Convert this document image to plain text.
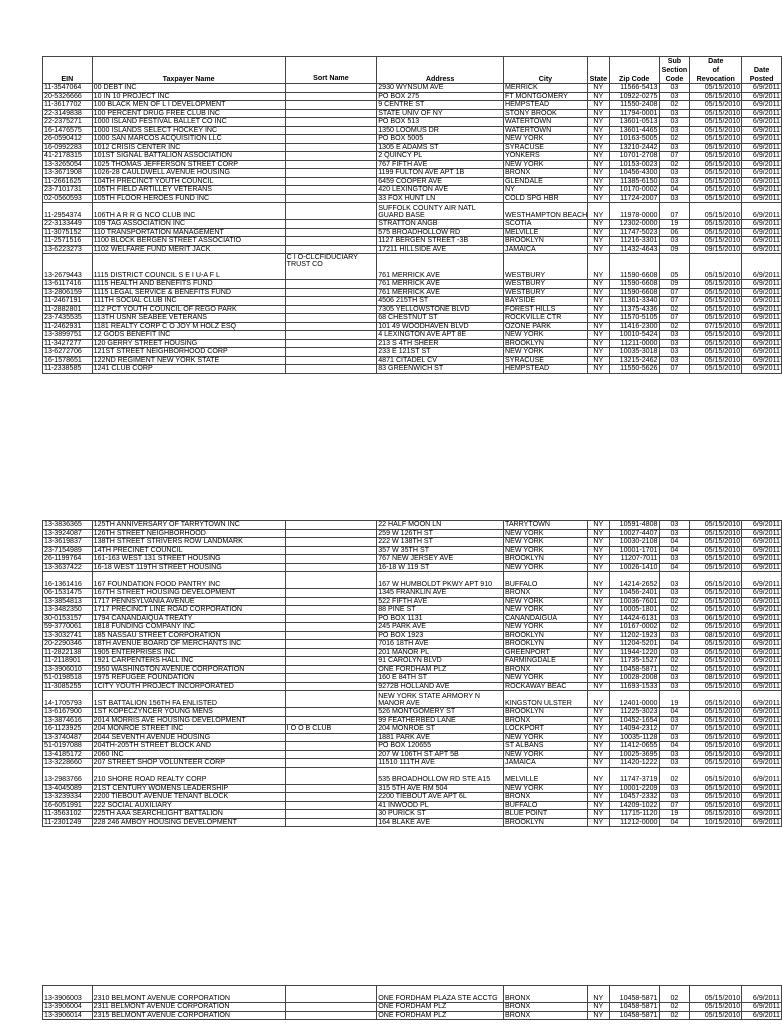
							Sub	Date	
							Section	of	Date
EIN	Taxpayer Name	Sort Name	Address	City	State	Zip Code	Code	Revocation	Posted
11-3547064	00 DEBT INC		2930 WYNSUM AVE	MERRICK	NY	11566-5413	03	05/15/2010	6/9/2011
20-5326666	10 IN 10 PROJECT INC		PO BOX 275	FT MONTGOMERY	NY	10922-0275	03	05/15/2010	6/9/2011
11-3617702	100 BLACK MEN OF L I DEVELOPMENT		9 CENTRE ST	HEMPSTEAD	NY	11550-2408	02	05/15/2010	6/9/2011
22-3149838	100 PERCENT DRUG FREE CLUB INC		STATE UNIV OF NY	STONY BROOK	NY	11794-0001	03	05/15/2010	6/9/2011
22-2375271	1000 ISLAND FESTIVAL BALLET CO INC		PO BOX 513	WATERTOWN	NY	13601-0513	03	05/15/2010	6/9/2011
16-1476575	1000 ISLANDS SELECT HOCKEY INC		1350 LOOMUS DR	WATERTOWN	NY	13601-4465	03	05/15/2010	6/9/2011
26-0590412	1000 SAN MARCOS ACQUISITION LLC		PO BOX 5005	NEW YORK	NY	10163-5005	02	05/15/2010	6/9/2011
16-0992283	1012 CRISIS CENTER INC		1305 E ADAMS ST	SYRACUSE	NY	13210-2442	03	05/15/2010	6/9/2011
41-2178315	101ST SIGNAL BATTALION ASSOCIATION		2 QUINCY PL	YONKERS	NY	10701-2708	07	05/15/2010	6/9/2011
13-3265054	1025 THOMAS JEFFERSON STREET CORP		767 FIFTH AVE	NEW YORK	NY	10153-0023	02	05/15/2010	6/9/2011
13-3671908	1026-28 CAULDWELL AVENUE HOUSING		1199 FULTON AVE APT 1B	BRONX	NY	10456-4300	03	05/15/2010	6/9/2011
11-2661625	104TH PRECINCT YOUTH COUNCIL		6459 COOPER AVE	GLENDALE	NY	11385-6150	03	05/15/2010	6/9/2011
23-7101731	105TH FIELD ARTILLEY VETERANS		420 LEXINGTON AVE	NY	NY	10170-0002	04	05/15/2010	6/9/2011
02-0560593	105TH FLOOR HEROES FUND INC		33 FOX HUNT LN	COLD SPG HBR	NY	11724-2007	03	05/15/2010	6/9/2011
11-2954374	106TH A R R G NCO CLUB INC		SUFFOLK COUNTY AIR NATL GUARD BASE	WESTHAMPTON BEACH	NY	11978-0000	07	05/15/2010	6/9/2011
22-3133449	109 TAG ASSOCIATION INC		STRATTON ANGB	SCOTIA	NY	12302-0000	19	05/15/2010	6/9/2011
11-3075152	110 TRANSPORTATION MANAGEMENT		575 BROADHOLLOW RD	MELVILLE	NY	11747-5023	06	05/15/2010	6/9/2011
11-2571516	1100 BLOCK BERGEN STREET ASSOCIATIO		1127 BERGEN STREET -3B	BROOKLYN	NY	11216-3301	03	05/15/2010	6/9/2011
13-6223273	1102 WELFARE FUND MERIT JACK		17211 HILLSIDE AVE	JAMAICA	NY	11432-4643	09	09/15/2010	6/9/2011
13-2679443	1115 DISTRICT COUNCIL S E I U-A F L	C I O-CLCFIDUCIARY TRUST CO	761 MERRICK AVE	WESTBURY	NY	11590-6608	05	05/15/2010	6/9/2011
13-6117416	1115 HEALTH AND BENEFITS FUND		761 MERRICK AVE	WESTBURY	NY	11590-6608	09	05/15/2010	6/9/2011
13-2806159	1115 LEGAL SERVICE & BENEFITS FUND		761 MERRICK AVE	WESTBURY	NY	11590-6608	07	05/15/2010	6/9/2011
11-2467191	111TH SOCIAL CLUB INC		4506 215TH ST	BAYSIDE	NY	11361-3340	07	05/15/2010	6/9/2011
11-2882801	112 PCT YOUTH COUNCIL OF REGO PARK		7305 YELLOWSTONE BLVD	FOREST HILLS	NY	11375-4336	02	05/15/2010	6/9/2011
23-7435535	113TH USNR SEABEE VETERANS		68 CHESTNUT ST	ROCKVILLE CTR	NY	11570-5105	07	05/15/2010	6/9/2011
11-2462931	1181 REALTY CORP C O JOY M HOLZ ESQ		101 49 WOODHAVEN BLVD	OZONE PARK	NY	11416-2300	02	07/15/2010	6/9/2011
13-3899751	12 GODS BENEFIT INC		4 LEXINGTON AVE APT 8E	NEW YORK	NY	10010-5424	03	05/15/2010	6/9/2011
11-3427277	120 GERRY STREET HOUSING		213 S 4TH SHEER	BROOKLYN	NY	11211-0000	03	05/15/2010	6/9/2011
13-6272706	121ST STREET NEIGHBORHOOD CORP		233 E 121ST ST	NEW YORK	NY	10035-3018	03	05/15/2010	6/9/2011
16-1578651	122ND REGIMENT NEW YORK STATE		4871 CITADEL CV	SYRACUSE	NY	13215-2462	03	05/15/2010	6/9/2011
11-2338585	1241 CLUB CORP		83 GREENWICH ST	HEMPSTEAD	NY	11550-5626	07	05/15/2010	6/9/2011
13-3836365	125TH ANNIVERSARY OF TARRYTOWN INC		22 HALF MOON LN	TARRYTOWN	NY	10591-4808	03	05/15/2010	6/9/2011
13-3924087	126TH STREET NEIGHBORHOOD		259 W 126TH ST	NEW YORK	NY	10027-4407	03	05/15/2010	6/9/2011
13-3619837	138TH STREET STRIVERS ROW LANDMARK		222 W 138TH ST	NEW YORK	NY	10030-2108	04	05/15/2010	6/9/2011
23-7154989	14TH PRECINET COUNCIL		357 W 35TH ST	NEW YORK	NY	10001-1701	04	05/15/2010	6/9/2011
26-1199764	161-163 WEST 131 STREET HOUSING		767 NEW JERSEY AVE	BROOKLYN	NY	11207-7011	03	05/15/2010	6/9/2011
13-3637422	16-18 WEST 119TH STREET HOUSING		16-18 W 119 ST	NEW YORK	NY	10026-1410	04	05/15/2010	6/9/2011
16-1361416	167 FOUNDATION FOOD PANTRY INC		167 W HUMBOLDT PKWY APT 910	BUFFALO	NY	14214-2652	03	05/15/2010	6/9/2011
06-1531475	167TH STREET HOUSING DEVELOPMENT		1345 FRANKLIN AVE	BRONX	NY	10456-2401	03	05/15/2010	6/9/2011
13-3854813	1717 PENNSYLVANIA AVENUE		522 FIFTH AVE	NEW YORK	NY	10036-7601	02	05/15/2010	6/9/2011
13-3482350	1717 PRECINCT LINE ROAD CORPORATION		88 PINE ST	NEW YORK	NY	10005-1801	02	05/15/2010	6/9/2011
30-0153157	1794 CANANDAIQUA TREATY		PO BOX 1131	CANANDAIGUA	NY	14424-6131	03	06/15/2010	6/9/2011
59-3770061	1818 FUNDING COMPANY INC		245 PARK AVE	NEW YORK	NY	10167-0002	02	05/15/2010	6/9/2011
13-3032741	185 NASSAU STREET CORPORATION		PO BOX 1923	BROOKLYN	NY	11202-1923	03	08/15/2010	6/9/2011
20-2290346	18TH AVENUE BOARD OF MERCHANTS INC		7016 18TH AVE	BROOKLYN	NY	11204-5201	04	05/15/2010	6/9/2011
11-2822138	1905 ENTERPRISES INC		201 MANOR PL	GREENPORT	NY	11944-1220	03	05/15/2010	6/9/2011
11-2118901	1921 CARPENTERS HALL INC		91 CAROLYN BLVD	FARMINGDALE	NY	11735-1527	02	05/15/2010	6/9/2011
13-3906010	1950 WASHINGTON AVENUE CORPORATION		ONE FORDHAM PLZ	BRONX	NY	10458-5871	02	05/15/2010	6/9/2011
51-0198518	1975 REFUGEE FOUNDATION		160 E 84TH ST	NEW YORK	NY	10028-2008	03	08/15/2010	6/9/2011
11-3085255	1CITY YOUTH PROJECT INCORPORATED		9272B HOLLAND AVE	ROCKAWAY BEAC	NY	11693-1533	03	05/15/2010	6/9/2011
14-1705793	1ST BATTALION 156TH FA ENLISTED		NEW YORK STATE ARMORY N MANOR AVE	KINGSTON ULSTER	NY	12401-0000	19	05/15/2010	6/9/2011
13-6167900	1ST KOPECZYNCER YOUNG MENS		526 MONTGOMERY ST	BROOKLYN	NY	11225-3023	04	05/15/2010	6/9/2011
13-3874616	2014 MORRIS AVE HOUSING DEVELOPMENT		99 FEATHERBED LANE	BRONX	NY	10452-1654	03	05/15/2010	6/9/2011
16-1123925	204 MONROE STREET INC	I O O B CLUB	204 MONROE ST	LOCKPORT	NY	14094-2312	07	05/15/2010	6/9/2011
13-3740487	2044 SEVENTH AVENUE HOUSING		1881 PARK AVE	NEW YORK	NY	10035-1128	03	05/15/2010	6/9/2011
51-0197088	204TH-205TH STREET BLOCK AND		PO BOX 120655	ST ALBANS	NY	11412-0655	04	05/15/2010	6/9/2011
13-4185172	2060 INC		207 W 106TH ST APT 5B	NEW YORK	NY	10025-3695	03	05/15/2010	6/9/2011
13-3228660	207 STREET SHOP VOLUNTEER CORP		11510 111TH AVE	JAMAICA	NY	11420-1222	03	05/15/2010	6/9/2011
13-2983766	210 SHORE ROAD REALTY CORP		535 BROADHOLLOW RD STE A15	MELVILLE	NY	11747-3719	02	05/15/2010	6/9/2011
13-4045089	21ST CENTURY WOMENS LEADERSHIP		315 5TH AVE RM 504	NEW YORK	NY	10001-2209	03	05/15/2010	6/9/2011
13-3239334	2200 TIEBOUT AVENUE TENANT BLOCK		2200 TIEBOUT AVE APT 6L	BRONX	NY	10457-2332	03	05/15/2010	6/9/2011
16-6051991	222 SOCIAL AUXILIARY		41 INWOOD PL	BUFFALO	NY	14209-1022	07	05/15/2010	6/9/2011
11-3563102	225TH AAA SEARCHLIGHT BATTALION		30 PURICK ST	BLUE POINT	NY	11715-1120	19	05/15/2010	6/9/2011
11-2301249	228 246 AMBOY HOUSING DEVELOPMENT		164 BLAKE AVE	BROOKLYN	NY	11212-0000	04	10/15/2010	6/9/2011
13-3906003	2310 BELMONT AVENUE CORPORATION		ONE FORDHAM PLAZA STE ACCTG	BRONX	NY	10458-5871	02	05/15/2010	6/9/2011
13-3906004	2311 BELMONT AVENUE CORPORATION		ONE FORDHAM PLZ	BRONX	NY	10458-5871	02	05/15/2010	6/9/2011
13-3906014	2315 BELMONT AVENUE CORPORATION		ONE FORDHAM PLZ	BRONX	NY	10458-5871	02	05/15/2010	6/9/2011
